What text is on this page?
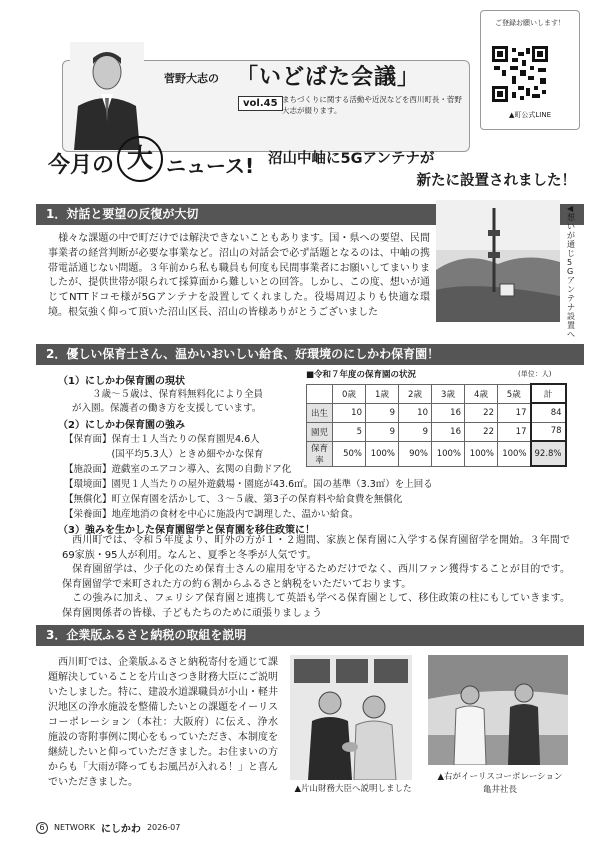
菅野大志の 「いどばた会議」
vol.45 まちづくりに関する活動や近況などを西川町長・菅野大志が綴ります。
ご登録お願いします！
▲町公式LINE
今月の 大 ニュース! 沼山中岫に5Gアンテナが
新たに設置されました！
1．対話と要望の反復が大切
　様々な課題の中で町だけでは解決できないこともあります。国・県への要望、民間事業者の経営判断が必要な事業など。沼山の対話会で必ず話題となるのは、中岫の携帯電話通じない問題。３年前から私も職員も何度も民間事業者にお願いしてまいりましたが、提供世帯が限られて採算面から難しいとの回答。しかし、この度、想いが通じてNTTドコモ様が5Gアンテナを設置してくれました。役場周辺よりも快適な環境。根気強く仰って頂いた沼山区長、沼山の皆様ありがとうございました
◀想いが通じ5Gアンテナ設置へ
2．優しい保育士さん、温かいおいしい給食、好環境のにしかわ保育園！
（1）にしかわ保育園の現状
３歳～５歳は、保育料無料化により全員
が入園。保護者の働き方を支援しています。
（2）にしかわ保育園の強み
【保育面】保育士１人当たりの保育園児4.6人
　　　　　(国平均5.3人）ときめ細やかな保育
【施設面】遊戯室のエアコン導入、玄関の自動ドア化
【環境面】園児１人当たりの屋外遊戯場・園庭が43.6㎡。国の基準（3.3㎡）を上回る
【無償化】町立保育園を活かして、３～５歳、第3子の保育料や給食費を無償化
【栄養面】地産地消の食材を中心に施設内で調理した、温かい給食。
（3）強みを生かした保育園留学と保育園を移住政策に！
　西川町では、令和５年度より、町外の方が１・２週間、家族と保育園に入学する保育園留学を開始。３年間で69家族・95人が利用。なんと、夏季と冬季が人気です。
　保育園留学は、少子化のため保育士さんの雇用を守るためだけでなく、西川ファン獲得することが目的です。保育園留学で来町された方の約６割からふるさと納税をいただいております。
　この強みに加え、フェリシア保育園と連携して英語も学べる保育園として、移住政策の柱にもしていきます。保育園関係者の皆様、子どもたちのために頑張りましょう
■令和７年度の保育園の状況	(単位：人)
	0歳	1歳	2歳	3歳	4歳	5歳	計
出生	10	9	10	16	22	17	84
園児	5	9	9	16	22	17	78
保育率	50%	100%	90%	100%	100%	100%	92.8%
3．企業版ふるさと納税の取組を説明
　西川町では、企業版ふるさと納税寄付を通じて課題解決していることを片山さつき財務大臣にご説明いたしました。特に、建設水道課職員が小山・軽井沢地区の浄水施設を整備したいとの課題をイーリスコーポレーション（本社：大阪府）に伝え、浄水施設の寄附事例に関心をもっていただき、本制度を継続したいと仰っていただきました。お住まいの方からも「大雨が降ってもお風呂が入れる！」と喜んでいただきました。
▲片山財務大臣へ説明しました
▲右がイーリスコーポレーション
亀井社長
6	NETWORK にしかわ 2026-07
